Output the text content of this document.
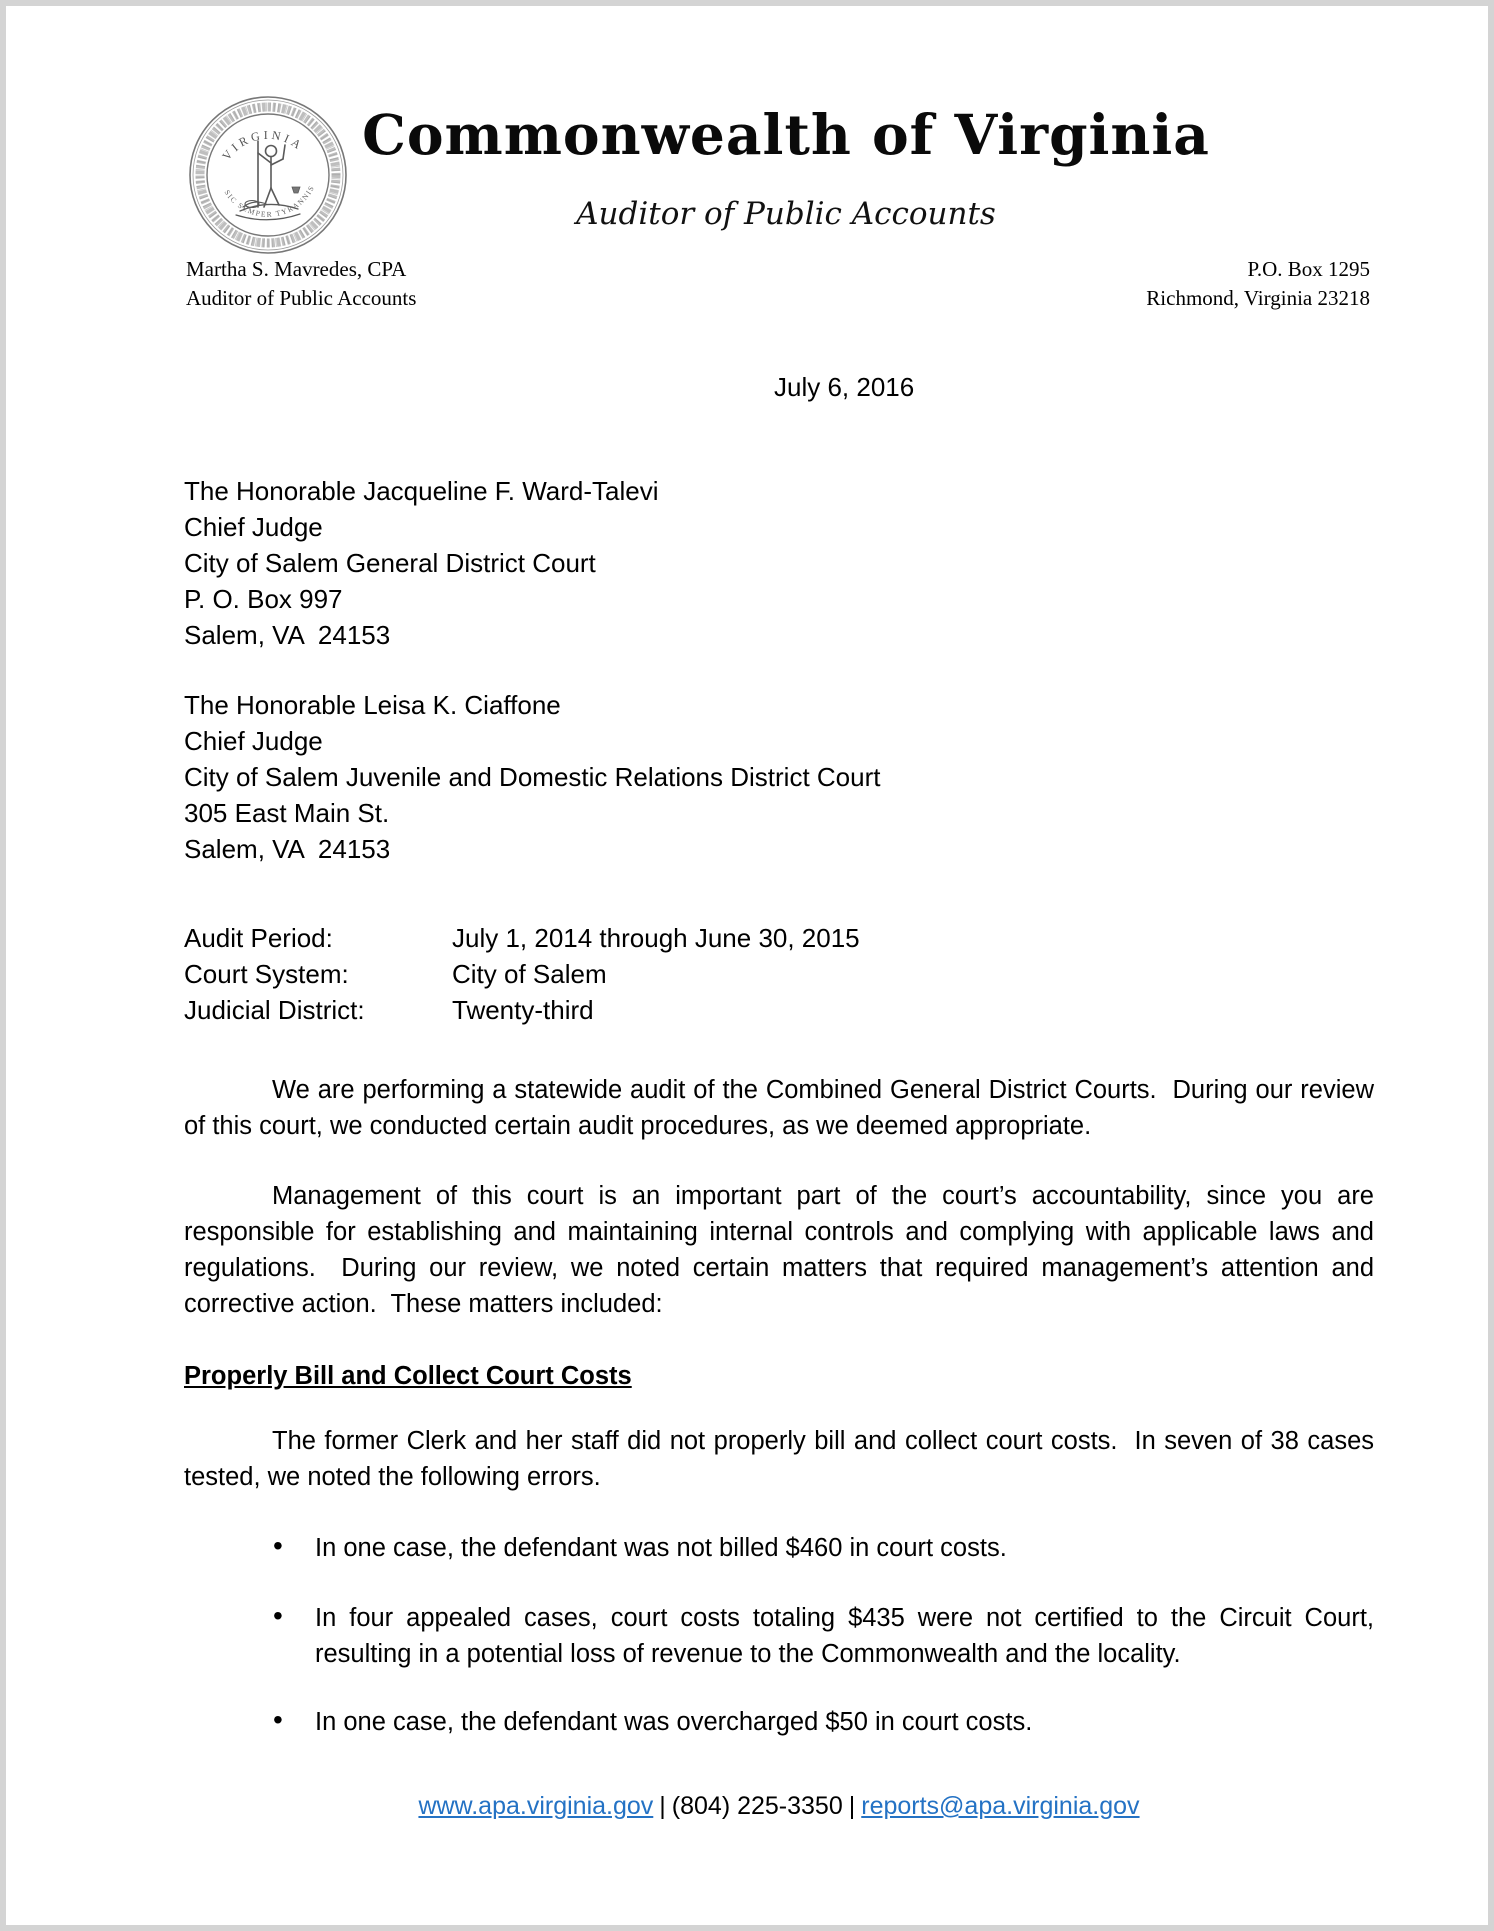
VIRGINIA
SIC SEMPER TYRANNIS
Commonwealth of Virginia
Auditor of Public Accounts
Martha S. Mavredes, CPA
Auditor of Public Accounts
P.O. Box 1295
Richmond, Virginia 23218
July 6, 2016
The Honorable Jacqueline F. Ward-Talevi
Chief Judge
City of Salem General District Court
P. O. Box 997
Salem, VA  24153
The Honorable Leisa K. Ciaffone
Chief Judge
City of Salem Juvenile and Domestic Relations District Court
305 East Main St.
Salem, VA  24153
Audit Period:	July 1, 2014 through June 30, 2015
Court System:	City of Salem
Judicial District:	Twenty-third
We are performing a statewide audit of the Combined General District Courts.  During our review of this court, we conducted certain audit procedures, as we deemed appropriate.
Management of this court is an important part of the court’s accountability, since you are responsible for establishing and maintaining internal controls and complying with applicable laws and regulations.  During our review, we noted certain matters that required management’s attention and corrective action.  These matters included:
Properly Bill and Collect Court Costs
The former Clerk and her staff did not properly bill and collect court costs.  In seven of 38 cases tested, we noted the following errors.
• In one case, the defendant was not billed $460 in court costs.
• In four appealed cases, court costs totaling $435 were not certified to the Circuit Court, resulting in a potential loss of revenue to the Commonwealth and the locality.
• In one case, the defendant was overcharged $50 in court costs.
www.apa.virginia.gov | (804) 225-3350 | reports@apa.virginia.gov
